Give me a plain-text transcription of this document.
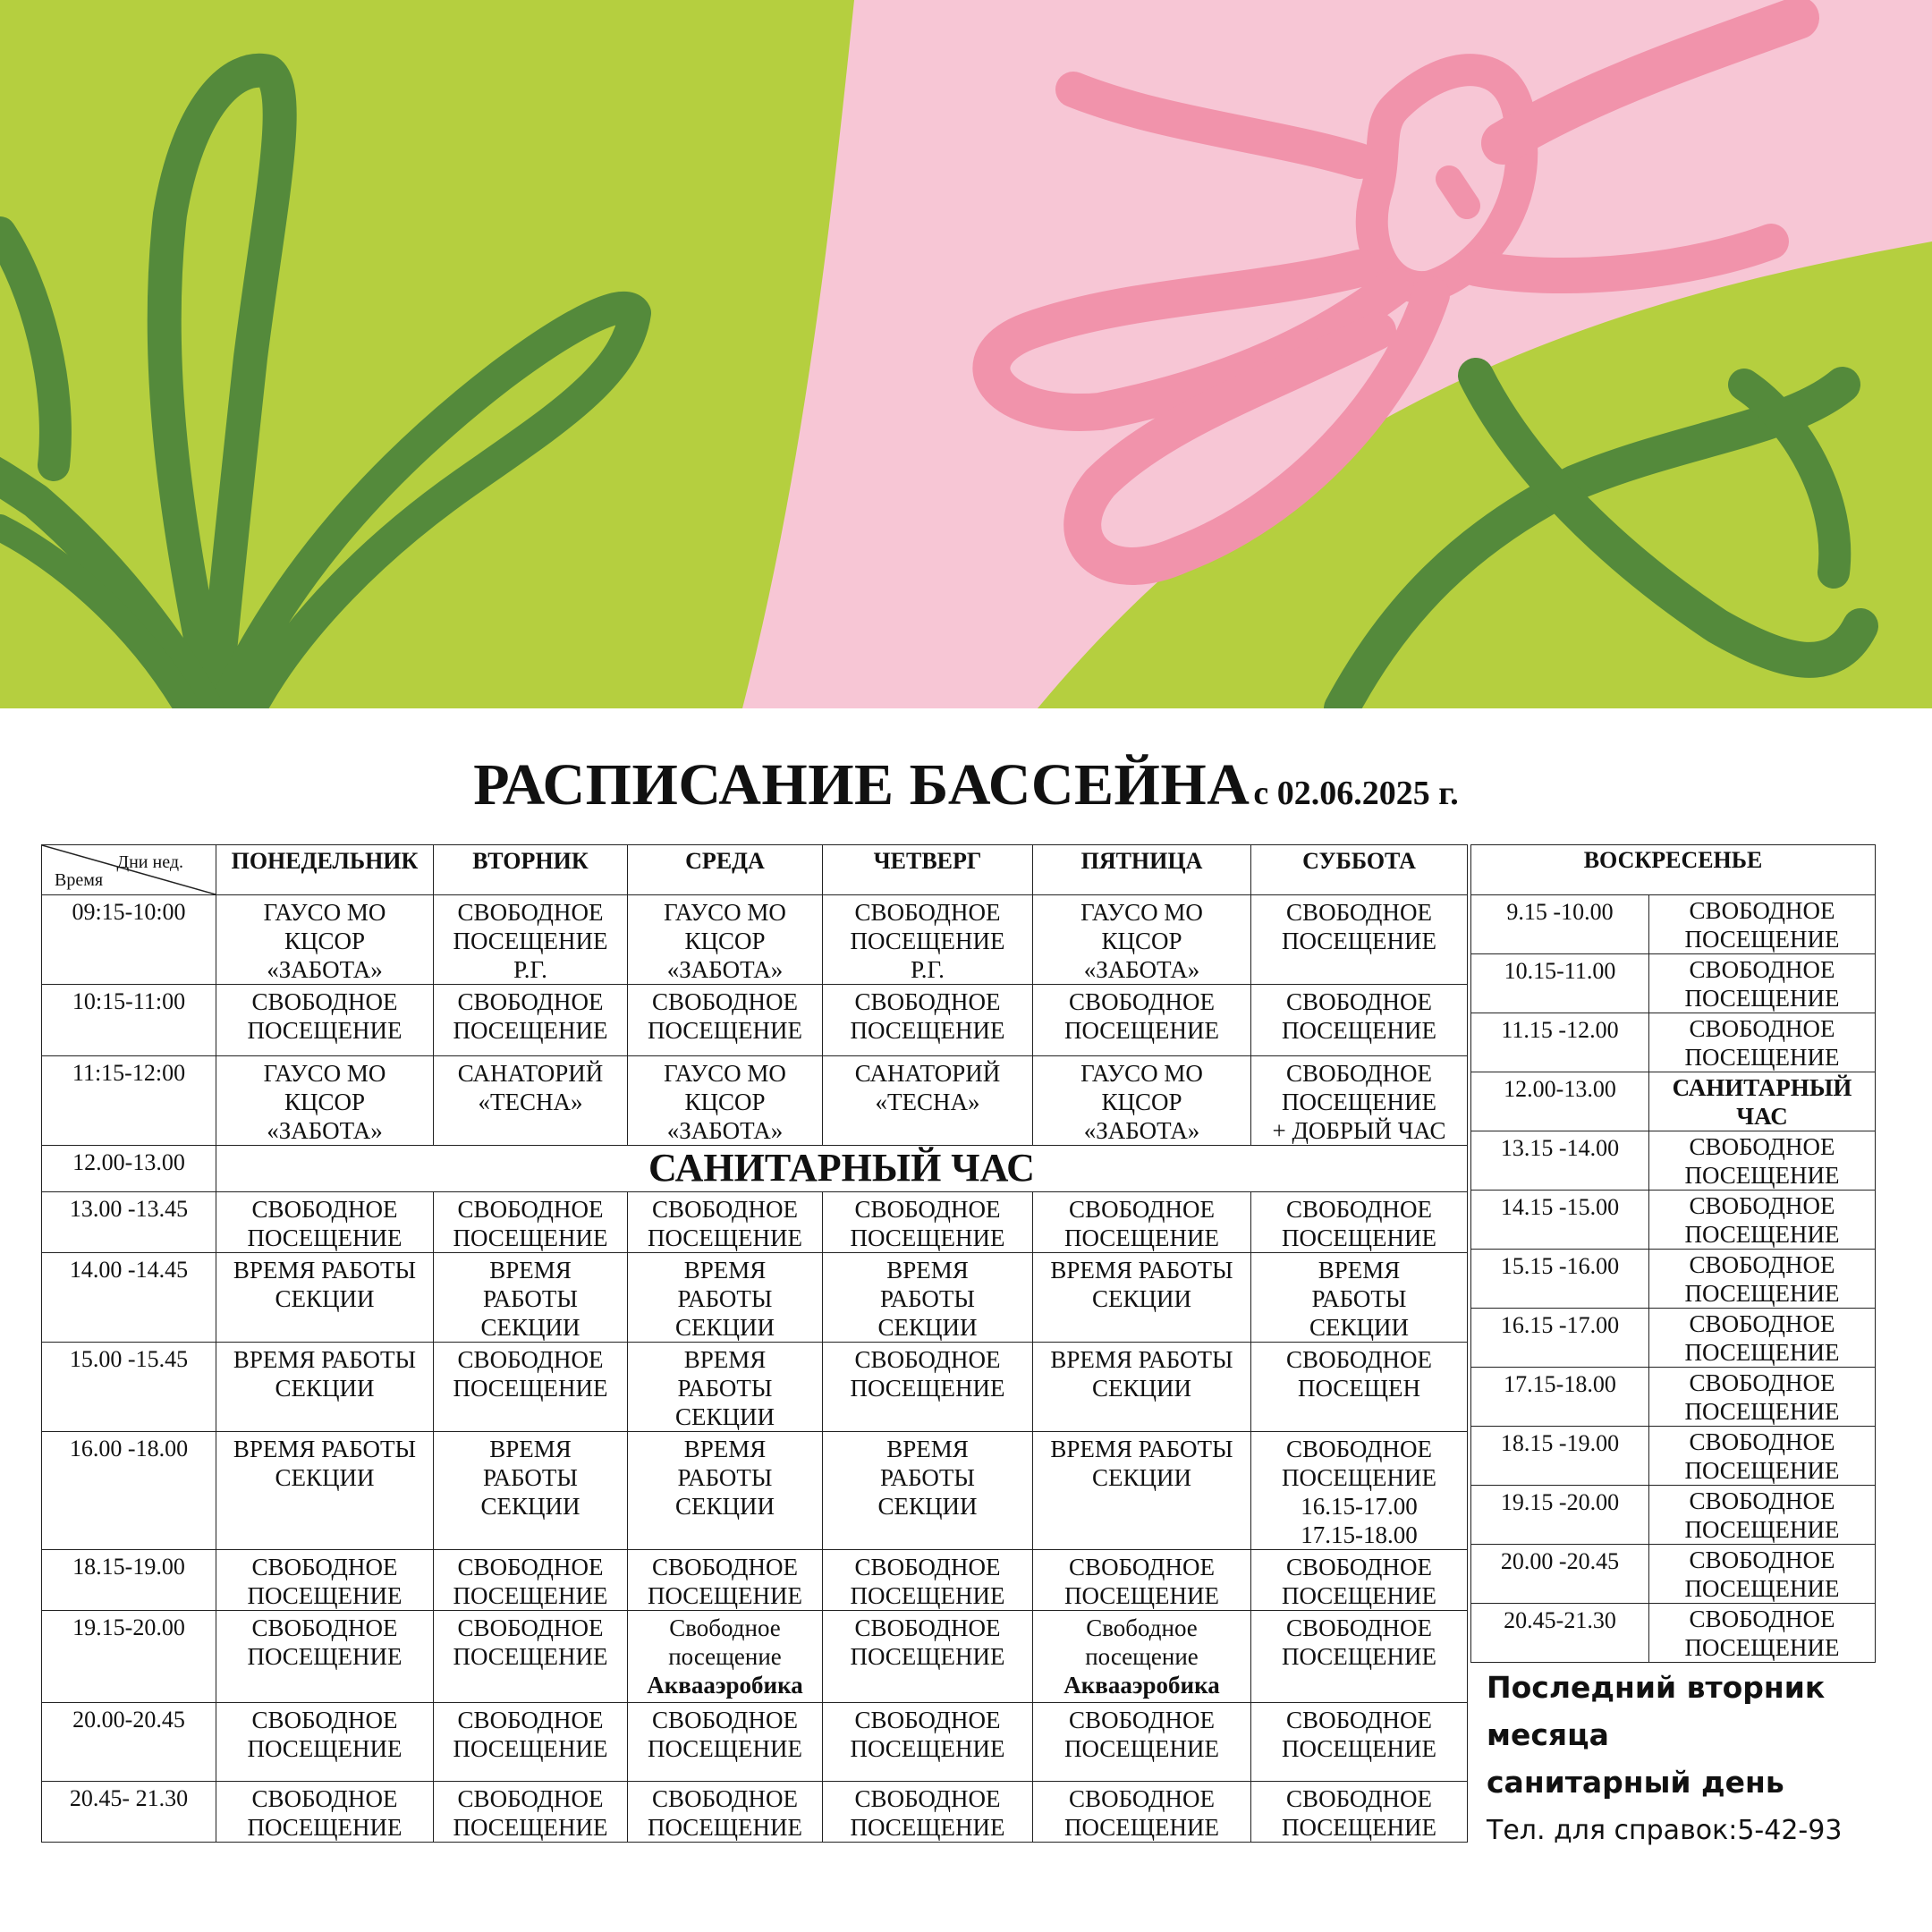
РАСПИСАНИЕ БАССЕЙНА с 02.06.2025 г.
Дни нед.
Время	ПОНЕДЕЛЬНИК	ВТОРНИК	СРЕДА	ЧЕТВЕРГ	ПЯТНИЦА	СУББОТА
09:15-10:00	ГАУСО МО
КЦСОР
«ЗАБОТА»	СВОБОДНОЕ
ПОСЕЩЕНИЕ
Р.Г.	ГАУСО МО
КЦСОР
«ЗАБОТА»	СВОБОДНОЕ
ПОСЕЩЕНИЕ
Р.Г.	ГАУСО МО
КЦСОР
«ЗАБОТА»	СВОБОДНОЕ
ПОСЕЩЕНИЕ
10:15-11:00	СВОБОДНОЕ
ПОСЕЩЕНИЕ	СВОБОДНОЕ
ПОСЕЩЕНИЕ	СВОБОДНОЕ
ПОСЕЩЕНИЕ	СВОБОДНОЕ
ПОСЕЩЕНИЕ	СВОБОДНОЕ
ПОСЕЩЕНИЕ	СВОБОДНОЕ
ПОСЕЩЕНИЕ
11:15-12:00	ГАУСО МО
КЦСОР
«ЗАБОТА»	САНАТОРИЙ
«ТЕСНА»	ГАУСО МО
КЦСОР
«ЗАБОТА»	САНАТОРИЙ
«ТЕСНА»	ГАУСО МО
КЦСОР
«ЗАБОТА»	СВОБОДНОЕ
ПОСЕЩЕНИЕ
+ ДОБРЫЙ ЧАС
12.00-13.00	САНИТАРНЫЙ ЧАС					
13.00 -13.45	СВОБОДНОЕ
ПОСЕЩЕНИЕ	СВОБОДНОЕ
ПОСЕЩЕНИЕ	СВОБОДНОЕ
ПОСЕЩЕНИЕ	СВОБОДНОЕ
ПОСЕЩЕНИЕ	СВОБОДНОЕ
ПОСЕЩЕНИЕ	СВОБОДНОЕ
ПОСЕЩЕНИЕ
14.00 -14.45	ВРЕМЯ РАБОТЫ
СЕКЦИИ	ВРЕМЯ
РАБОТЫ
СЕКЦИИ	ВРЕМЯ
РАБОТЫ
СЕКЦИИ	ВРЕМЯ
РАБОТЫ
СЕКЦИИ	ВРЕМЯ РАБОТЫ
СЕКЦИИ	ВРЕМЯ
РАБОТЫ
СЕКЦИИ
15.00 -15.45	ВРЕМЯ РАБОТЫ
СЕКЦИИ	СВОБОДНОЕ
ПОСЕЩЕНИЕ	ВРЕМЯ
РАБОТЫ
СЕКЦИИ	СВОБОДНОЕ
ПОСЕЩЕНИЕ	ВРЕМЯ РАБОТЫ
СЕКЦИИ	СВОБОДНОЕ
ПОСЕЩЕН
16.00 -18.00	ВРЕМЯ РАБОТЫ
СЕКЦИИ	ВРЕМЯ
РАБОТЫ
СЕКЦИИ	ВРЕМЯ
РАБОТЫ
СЕКЦИИ	ВРЕМЯ
РАБОТЫ
СЕКЦИИ	ВРЕМЯ РАБОТЫ
СЕКЦИИ	СВОБОДНОЕ
ПОСЕЩЕНИЕ
16.15-17.00
17.15-18.00
18.15-19.00	СВОБОДНОЕ
ПОСЕЩЕНИЕ	СВОБОДНОЕ
ПОСЕЩЕНИЕ	СВОБОДНОЕ
ПОСЕЩЕНИЕ	СВОБОДНОЕ
ПОСЕЩЕНИЕ	СВОБОДНОЕ
ПОСЕЩЕНИЕ	СВОБОДНОЕ
ПОСЕЩЕНИЕ
19.15-20.00	СВОБОДНОЕ
ПОСЕЩЕНИЕ	СВОБОДНОЕ
ПОСЕЩЕНИЕ	Свободное
посещение
Аквааэробика	СВОБОДНОЕ
ПОСЕЩЕНИЕ	Свободное
посещение
Аквааэробика	СВОБОДНОЕ
ПОСЕЩЕНИЕ
20.00-20.45	СВОБОДНОЕ
ПОСЕЩЕНИЕ	СВОБОДНОЕ
ПОСЕЩЕНИЕ	СВОБОДНОЕ
ПОСЕЩЕНИЕ	СВОБОДНОЕ
ПОСЕЩЕНИЕ	СВОБОДНОЕ
ПОСЕЩЕНИЕ	СВОБОДНОЕ
ПОСЕЩЕНИЕ
20.45- 21.30	СВОБОДНОЕ
ПОСЕЩЕНИЕ	СВОБОДНОЕ
ПОСЕЩЕНИЕ	СВОБОДНОЕ
ПОСЕЩЕНИЕ	СВОБОДНОЕ
ПОСЕЩЕНИЕ	СВОБОДНОЕ
ПОСЕЩЕНИЕ	СВОБОДНОЕ
ПОСЕЩЕНИЕ
ВОСКРЕСЕНЬЕ	
9.15 -10.00	СВОБОДНОЕ
ПОСЕЩЕНИЕ
10.15-11.00	СВОБОДНОЕ
ПОСЕЩЕНИЕ
11.15 -12.00	СВОБОДНОЕ
ПОСЕЩЕНИЕ
12.00-13.00	САНИТАРНЫЙ
ЧАС
13.15 -14.00	СВОБОДНОЕ
ПОСЕЩЕНИЕ
14.15 -15.00	СВОБОДНОЕ
ПОСЕЩЕНИЕ
15.15 -16.00	СВОБОДНОЕ
ПОСЕЩЕНИЕ
16.15 -17.00	СВОБОДНОЕ
ПОСЕЩЕНИЕ
17.15-18.00	СВОБОДНОЕ
ПОСЕЩЕНИЕ
18.15 -19.00	СВОБОДНОЕ
ПОСЕЩЕНИЕ
19.15 -20.00	СВОБОДНОЕ
ПОСЕЩЕНИЕ
20.00 -20.45	СВОБОДНОЕ
ПОСЕЩЕНИЕ
20.45-21.30	СВОБОДНОЕ
ПОСЕЩЕНИЕ
Последний вторник
месяца
санитарный день
Тел. для справок:5-42-93
